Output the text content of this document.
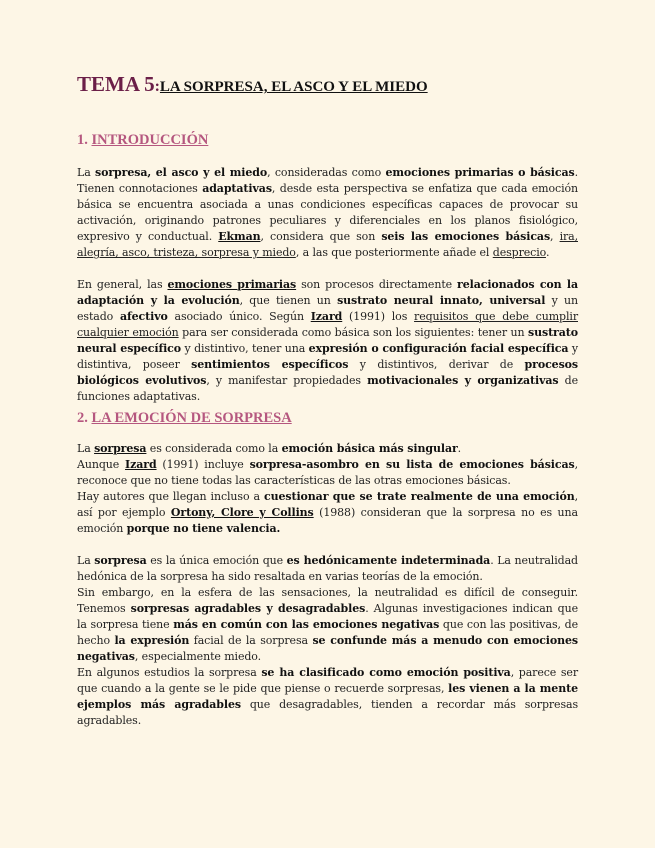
TEMA 5:LA SORPRESA, EL ASCO Y EL MIEDO
1. INTRODUCCIÓN

La sorpresa, el asco y el miedo, consideradas como emociones primarias o básicas. Tienen connotaciones adaptativas, desde esta perspectiva se enfatiza que cada emoción básica se encuentra asociada a unas condiciones específicas capaces de provocar su activación, originando patrones peculiares y diferenciales en los planos fisiológico, expresivo y conductual. Ekman, considera que son seis las emociones básicas, ira, alegría, asco, tristeza, sorpresa y miedo, a las que posteriormente añade el desprecio.

En general, las emociones primarias son procesos directamente relacionados con la adaptación y la evolución, que tienen un sustrato neural innato, universal y un estado afectivo asociado único. Según Izard (1991) los requisitos que debe cumplir cualquier emoción para ser considerada como básica son los siguientes: tener un sustrato neural específico y distintivo, tener una expresión o configuración facial específica y distintiva, poseer sentimientos específicos y distintivos, derivar de procesos biológicos evolutivos, y manifestar propiedades motivacionales y organizativas de funciones adaptativas.

2. LA EMOCIÓN DE SORPRESA

La sorpresa es considerada como la emoción básica más singular.

Aunque Izard (1991) incluye sorpresa-asombro en su lista de emociones básicas, reconoce que no tiene todas las características de las otras emociones básicas.

Hay autores que llegan incluso a cuestionar que se trate realmente de una emoción, así por ejemplo Ortony, Clore y Collins (1988) consideran que la sorpresa no es una emoción porque no tiene valencia.

La sorpresa es la única emoción que es hedónicamente indeterminada. La neutralidad hedónica de la sorpresa ha sido resaltada en varias teorías de la emoción.

Sin embargo, en la esfera de las sensaciones, la neutralidad es difícil de conseguir. Tenemos sorpresas agradables y desagradables. Algunas investigaciones indican que la sorpresa tiene más en común con las emociones negativas que con las positivas, de hecho la expresión facial de la sorpresa se confunde más a menudo con emociones negativas, especialmente miedo.

En algunos estudios la sorpresa se ha clasificado como emoción positiva, parece ser que cuando a la gente se le pide que piense o recuerde sorpresas, les vienen a la mente ejemplos más agradables que desagradables, tienden a recordar más sorpresas agradables.
